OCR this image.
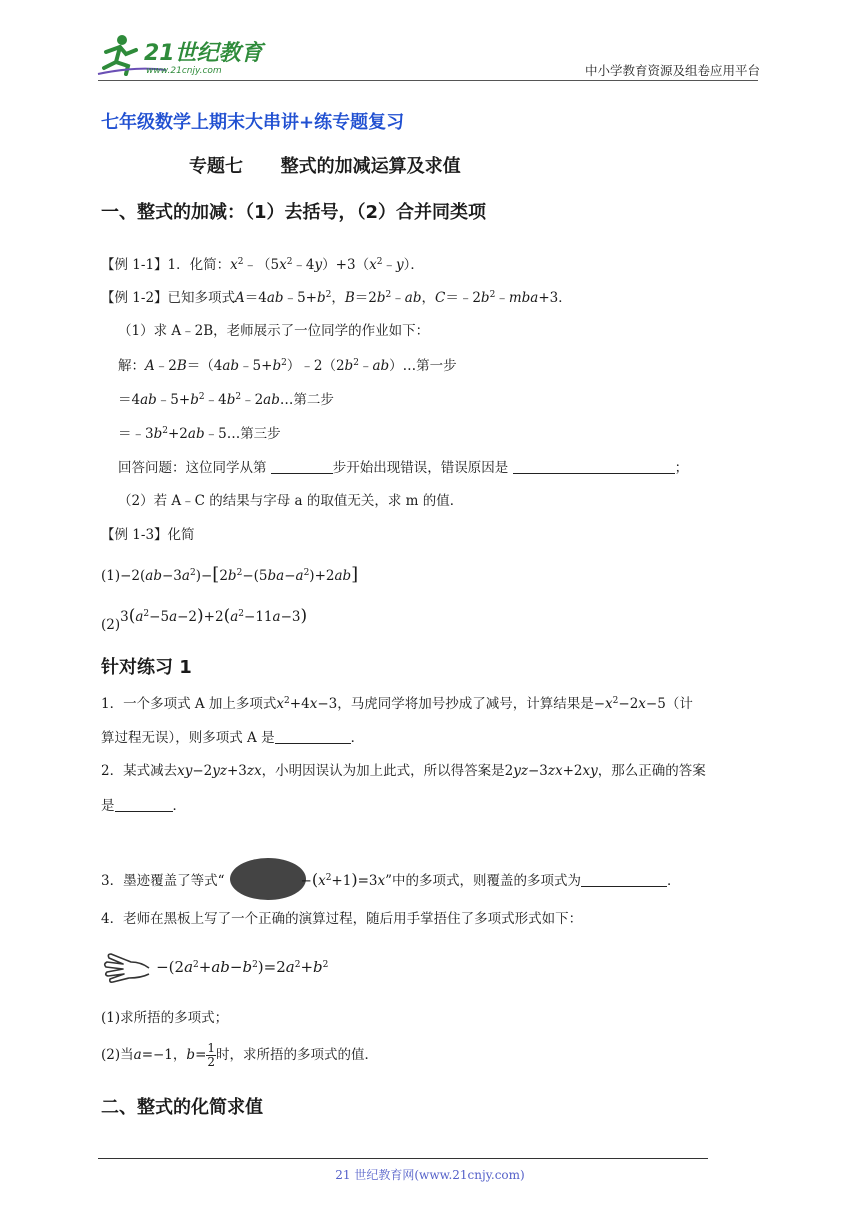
21世纪教育
www.21cnjy.com	中小学教育资源及组卷应用平台
七年级数学上期末大串讲+练专题复习
专题七      整式的加减运算及求值
一、整式的加减：（1）去括号，（2）合并同类项
【例 1-1】1．化简：$x^2﹣(5x^2﹣4y)+3(x^2﹣y)$．
【例 1-2】已知多项式$A=4ab﹣5+b^2$，$B=2b^2﹣ab$，$C=﹣2b^2﹣mba+3$．
（1）求 A﹣2B，老师展示了一位同学的作业如下：
解：$A﹣2B=(4ab﹣5+b^2)﹣2(2b^2﹣ab)\dots$第一步
$=4ab﹣5+b^2﹣4b^2﹣2ab\dots$第二步
$=﹣3b^2+2ab﹣5\dots$第三步
回答问题：这位同学从第	步开始出现错误，错误原因是	；
（2）若 A﹣C 的结果与字母 a 的取值无关，求 m 的值．
【例 1-3】化简
$(1)-2(ab-3a^2)-[2b^2-(5ba-a^2)+2ab]$
$(2)3(a^2-5a-2)+2(a^2-11a-3)$
针对练习 1
1．一个多项式 A 加上多项式$x^2+4x-3$，马虎同学将加号抄成了减号，计算结果是$-x^2-2x-5$（计
算过程无误），则多项式 A 是	．
2．某式减去xy−2yz+3zx，小明因误认为加上此式，所以得答案是2yz−3zx+2xy，那么正确的答案
是	．
3．墨迹覆盖了等式“	$-(x^2+1)=3x$”中的多项式，则覆盖的多项式为	．
4．老师在黑板上写了一个正确的演算过程，随后用手掌捂住了多项式形式如下：
$-(2a^2+ab-b^2)=2a^2+b^2$
(1)求所捂的多项式；
(2)当a=−1，$b= \frac{1}{2}$ 时，求所捂的多项式的值．
二、整式的化简求值
21 世纪教育网(www.21cnjy.com)
